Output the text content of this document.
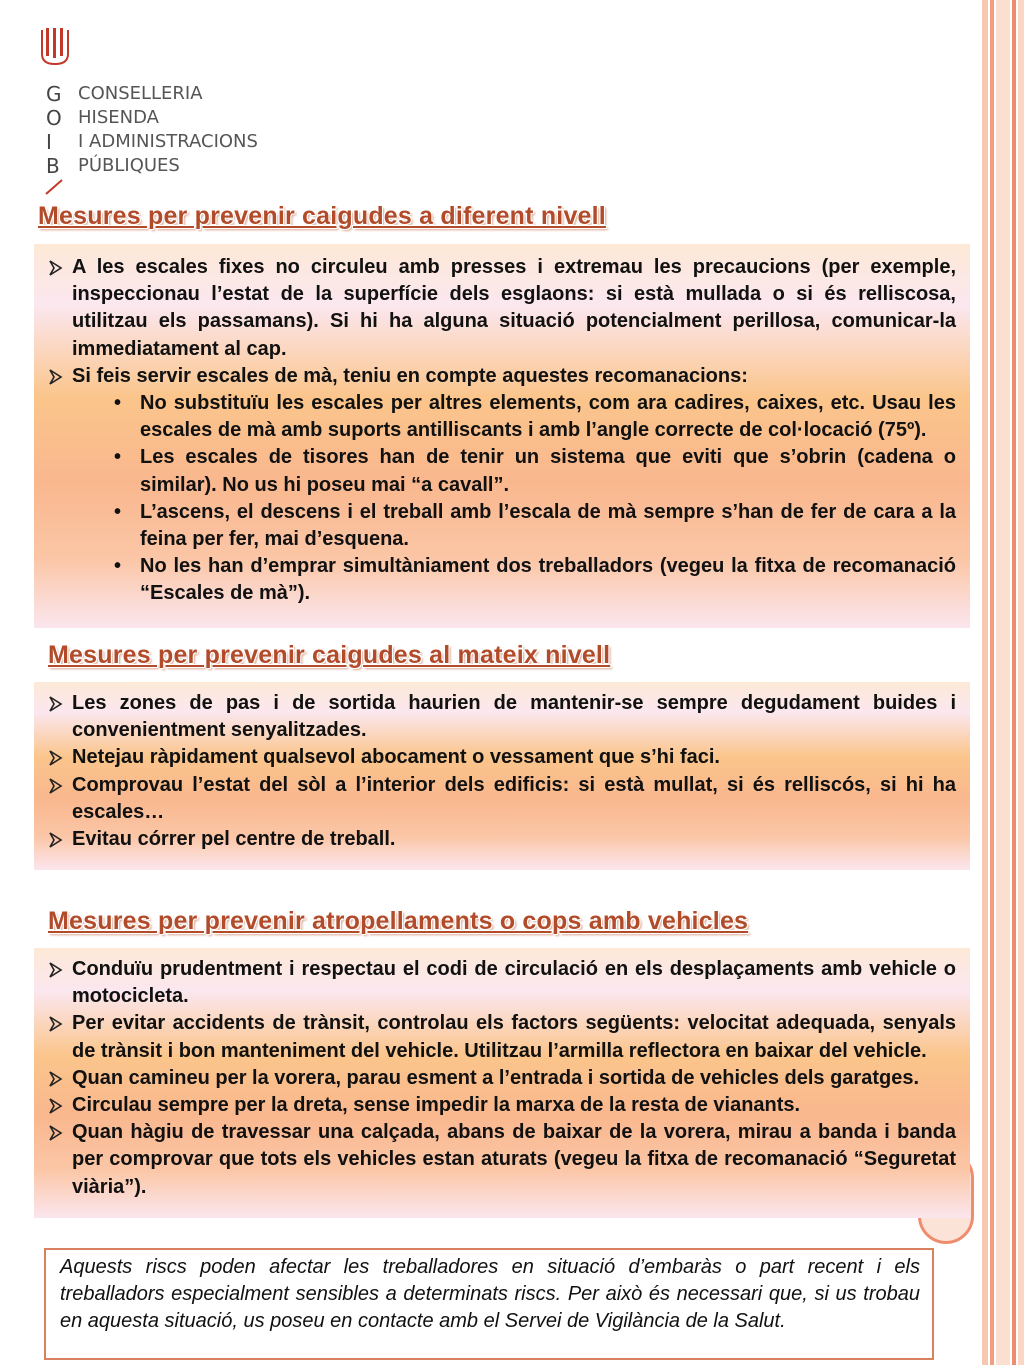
G
O
I
B
CONSELLERIA
HISENDA
I ADMINISTRACIONS
PÚBLIQUES
Mesures per prevenir caigudes a diferent nivell
A les escales fixes no circuleu amb presses i extremau les precaucions (per exemple, inspeccionau l’estat de la superfície dels esglaons: si està mullada o si és relliscosa, utilitzau els passamans). Si hi ha alguna situació potencialment perillosa, comunicar-la immediatament al cap.
Si feis servir escales de mà, teniu en compte aquestes recomanacions:
• No substituïu les escales per altres elements, com ara cadires, caixes, etc. Usau les escales de mà amb suports antilliscants i amb l’angle correcte de col·locació (75º).
• Les escales de tisores han de tenir un sistema que eviti que s’obrin (cadena o similar). No us hi poseu mai “a cavall”.
• L’ascens, el descens i el treball amb l’escala de mà sempre s’han de fer de cara a la feina per fer, mai d’esquena.
• No les han d’emprar simultàniament dos treballadors (vegeu la fitxa de recomanació “Escales de mà”).
Mesures per prevenir caigudes al mateix nivell
Les zones de pas i de sortida haurien de mantenir-se sempre degudament buides i convenientment senyalitzades.
Netejau ràpidament qualsevol abocament o vessament que s’hi faci.
Comprovau l’estat del sòl a l’interior dels edificis: si està mullat, si és relliscós, si hi ha escales…
Evitau córrer pel centre de treball.
Mesures per prevenir atropellaments o cops amb vehicles
Conduïu prudentment i respectau el codi de circulació en els desplaçaments amb vehicle o motocicleta.
Per evitar accidents de trànsit, controlau els factors següents: velocitat adequada, senyals de trànsit i bon manteniment del vehicle. Utilitzau l’armilla reflectora en baixar del vehicle.
Quan camineu per la vorera, parau esment a l’entrada i sortida de vehicles dels garatges.
Circulau sempre per la dreta, sense impedir la marxa de la resta de vianants.
Quan hàgiu de travessar una calçada, abans de baixar de la vorera, mirau a banda i banda per comprovar que tots els vehicles estan aturats (vegeu la fitxa de recomanació “Seguretat viària”).
Aquests riscs poden afectar les treballadores en situació d’embaràs o part recent i els treballadors especialment sensibles a determinats riscs. Per això és necessari que, si us trobau en aquesta situació, us poseu en contacte amb el Servei de Vigilància de la Salut.
